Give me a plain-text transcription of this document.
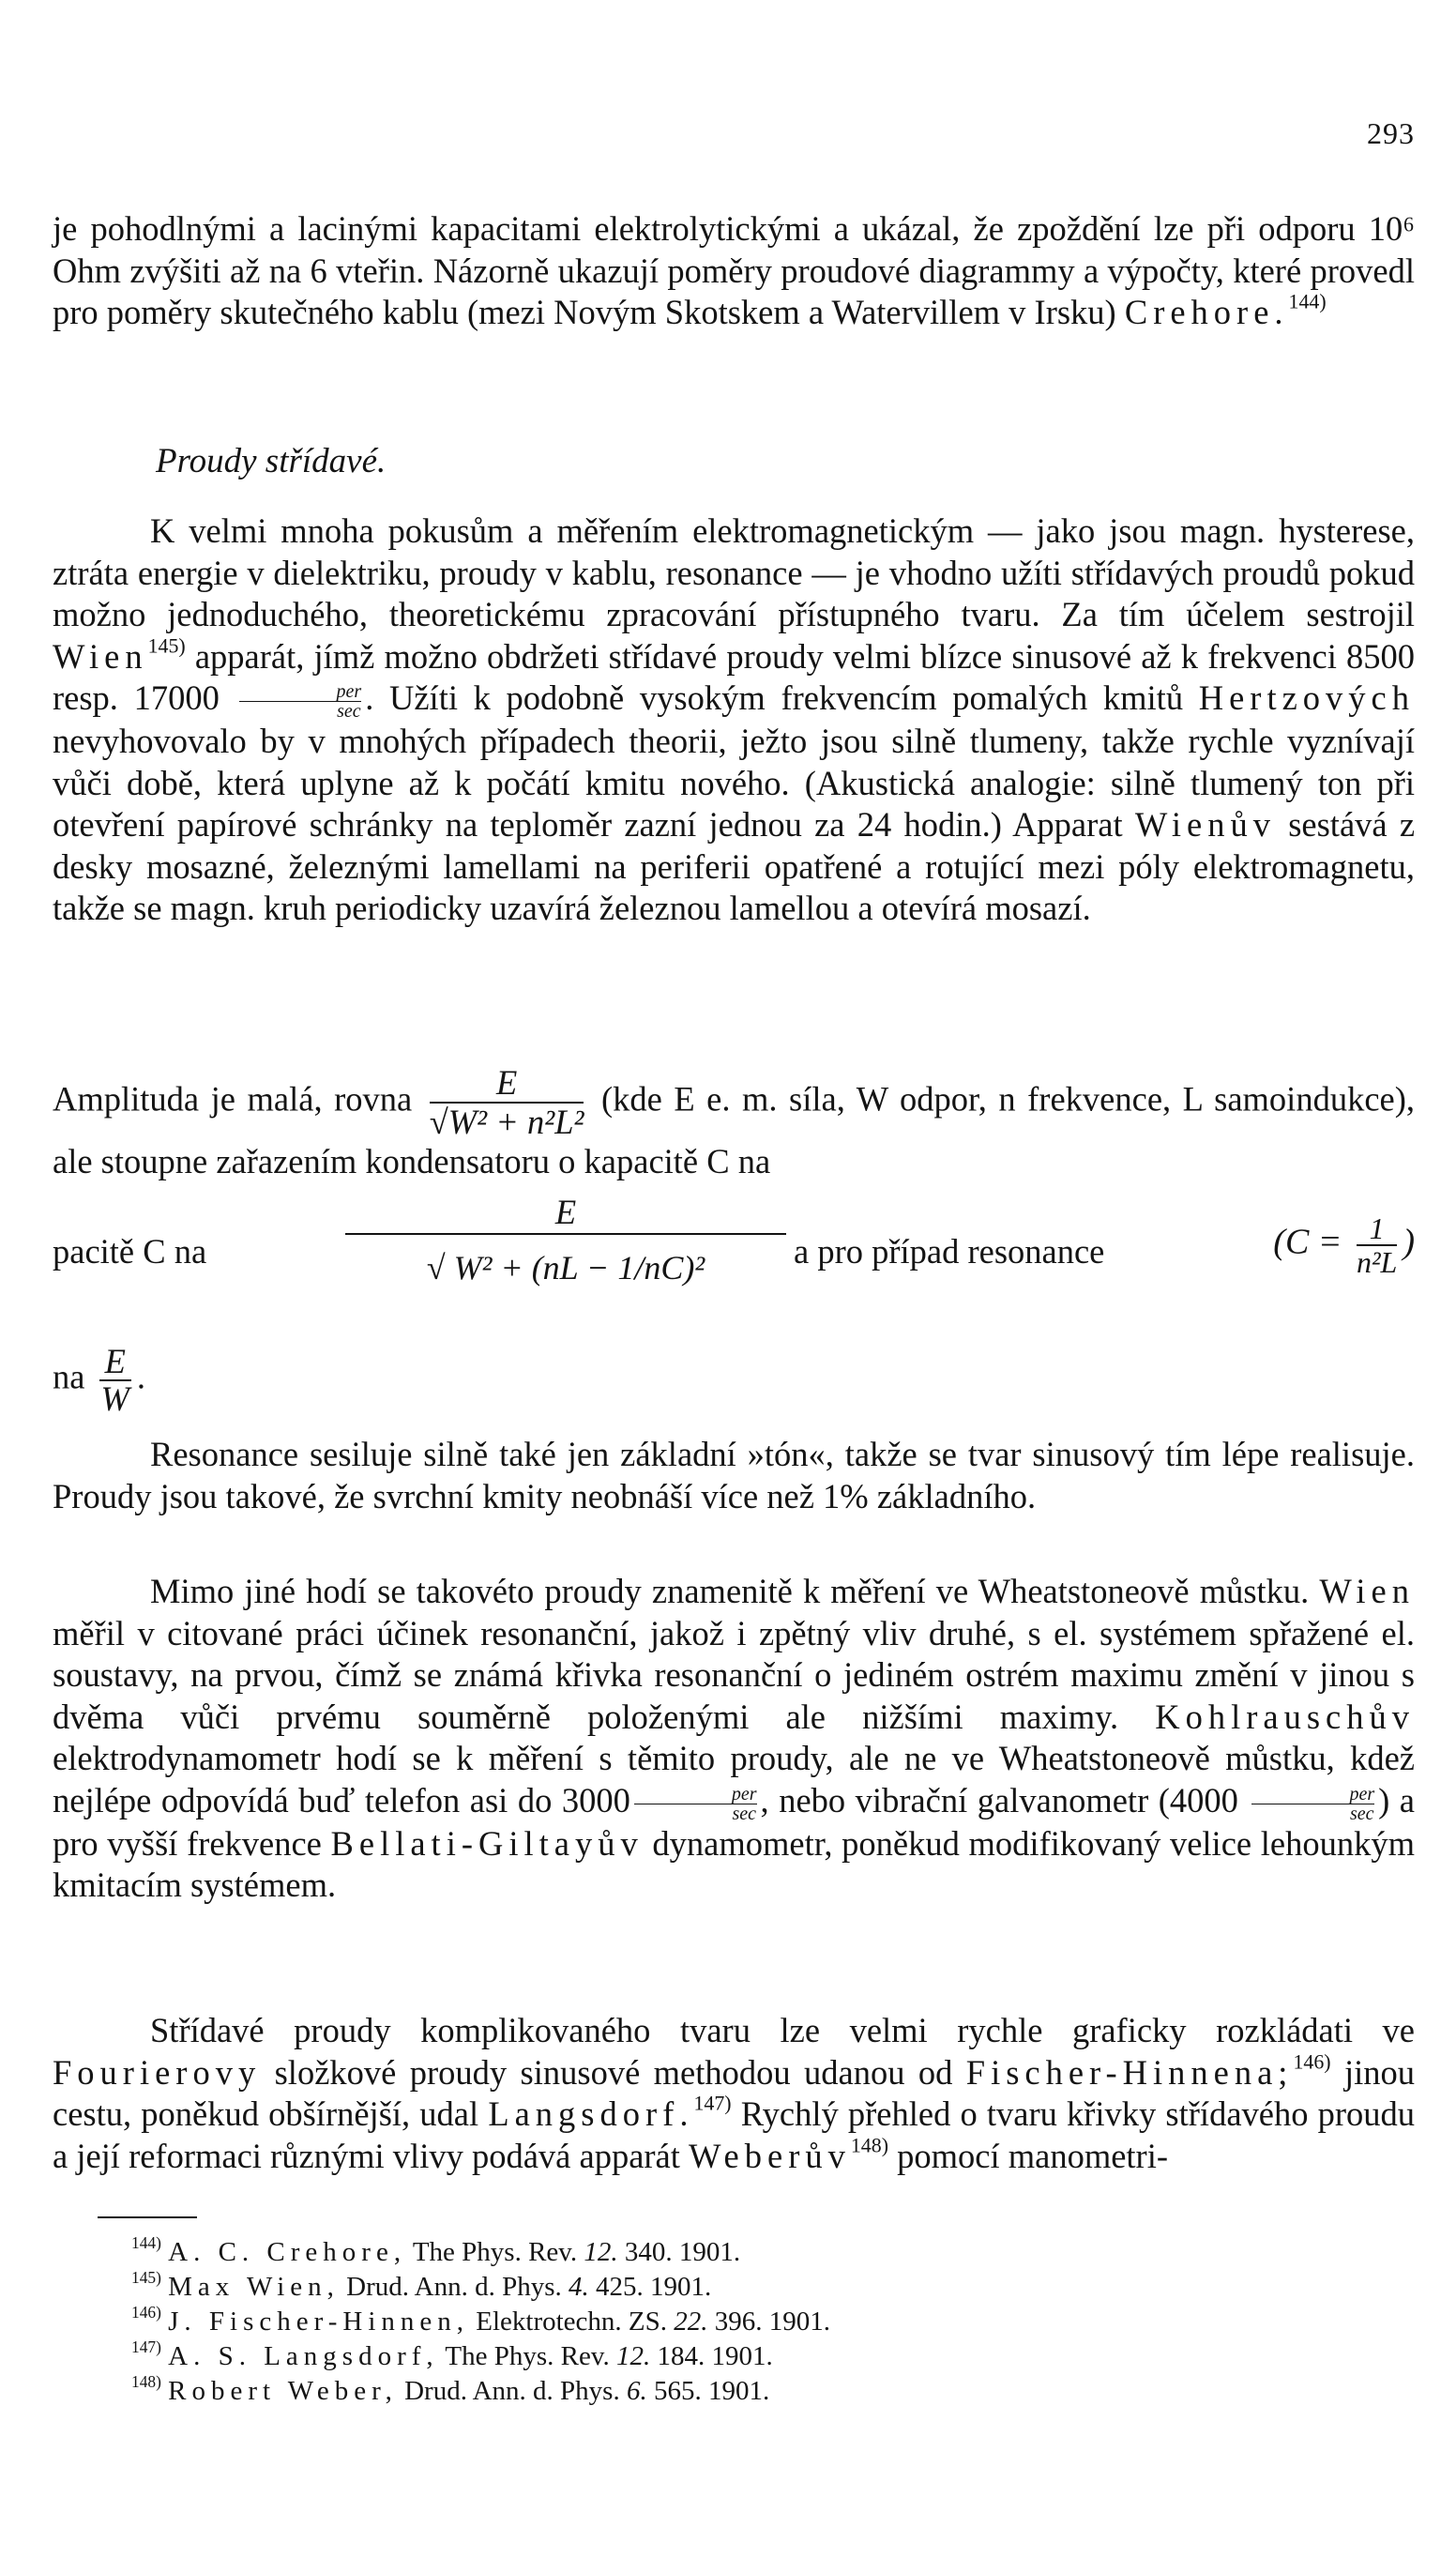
293
je pohodlnými a lacinými kapacitami elektrolytickými a ukázal, že zpoždění lze při odporu 10⁶ Ohm zvýšiti až na 6 vteřin. Názorně ukazují poměry proudové diagrammy a výpočty, které provedl pro poměry skutečného kablu (mezi Novým Skotskem a Watervillem v Irsku) Crehore.$^{144)}$
Proudy střídavé.
K velmi mnoha pokusům a měřením elektromagnetickým — jako jsou magn. hysterese, ztráta energie v dielektriku, proudy v kablu, resonance — je vhodno užíti střídavých proudů pokud možno jednoduchého, theoretickému zpracování přístupného tvaru. Za tím účelem sestrojil Wien$^{145)}$ apparát, jímž možno obdržeti střídavé proudy velmi blízce sinusové až k frekvenci 8500 resp. 17000	per
sec . Užíti k podobně vysokým frekvencím pomalých kmitů Hertzových nevyhovovalo by v mnohých případech theorii, ježto jsou silně tlumeny, takže rychle vyznívají vůči době, která uplyne až k počátí kmitu nového. (Akustická analogie: silně tlumený ton při otevření papírové schránky na teploměr zazní jednou za 24 hodin.) Apparat Wienův sestává z desky mosazné, železnými lamellami na periferii opatřené a rotující mezi póly elektromagnetu, takže se magn. kruh periodicky uzavírá železnou lamellou a otevírá mosazí.
Amplituda je malá, rovna $\frac{E}{\text{√W² + n²L²}} (kde$ E e. m. síla, W odpor, n frekvence, L samoindukce), ale stoupne zařazením kondensatoru o kapacitě C na
pacitě C na	$\frac{E}{\text{√ W² + (nL − 1/nC)²}}$ a pro případ resonance	($C = \frac{1}{\text{n²L}}$ )
na $\frac{E}{W}$ .
Resonance sesiluje silně také jen základní »tón«, takže se tvar sinusový tím lépe realisuje. Proudy jsou takové, že svrchní kmity neobnáší více než 1% základního.
Mimo jiné hodí se takovéto proudy znamenitě k měření ve Wheatstoneově můstku. Wien měřil v citované práci účinek resonanční, jakož i zpětný vliv druhé, s el. systémem spřažené el. soustavy, na prvou, čímž se známá křivka resonanční o jediném ostrém maximu změní v jinou s dvěma vůči prvému souměrně položenými ale nižšími maximy. Kohlrauschův elektrodynamometr hodí se k měření s těmito proudy, ale ne ve Wheatstoneově můstku, kdež nejlépe odpovídá buď telefon asi do 3000	per
sec , nebo vibrační galvanometr (4000	per
sec ) a pro vyšší frekvence Bellati-Giltayův dynamometr, poněkud modifikovaný velice lehounkým kmitacím systémem.
Střídavé proudy komplikovaného tvaru lze velmi rychle graficky rozkládati ve Fourierovy složkové proudy sinusové methodou udanou od Fischer-Hinnena;$^{146)}$ jinou cestu, poněkud obšírnější, udal Langsdorf.$^{147)}$ Rychlý přehled o tvaru křivky střídavého proudu a její reformaci různými vlivy podává apparát Weberův$^{148)}$ pomocí manometri-
$^{144)}$ A. C. Crehore, The Phys. Rev. 12. 340. 1901.
$^{145)}$ Max Wien, Drud. Ann. d. Phys. 4. 425. 1901.
$^{146)}$ J. Fischer-Hinnen, Elektrotechn. ZS. 22. 396. 1901.
$^{147)}$ A. S. Langsdorf, The Phys. Rev. 12. 184. 1901.
$^{148)}$ Robert Weber, Drud. Ann. d. Phys. 6. 565. 1901.
